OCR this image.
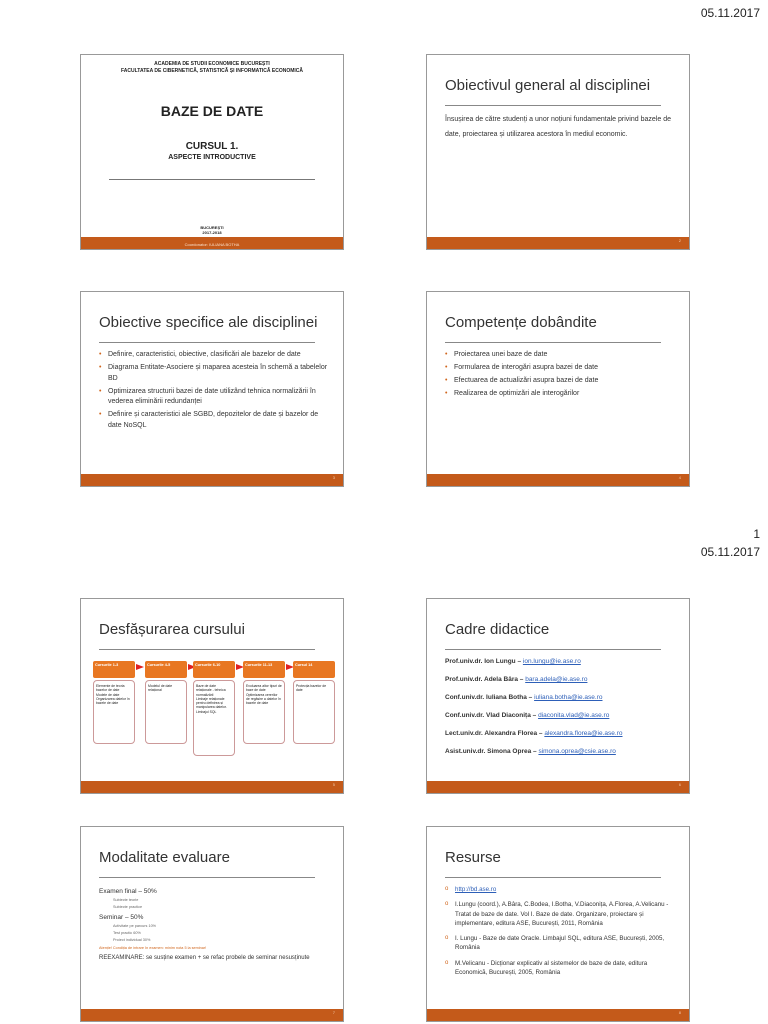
05.11.2017
ACADEMIA DE STUDII ECONOMICE BUCUREȘTI
FACULTATEA DE CIBERNETICĂ, STATISTICĂ ȘI INFORMATICĂ ECONOMICĂ
BAZE DE DATE
CURSUL 1.
ASPECTE INTRODUCTIVE
BUCUREȘTI
2017-2018
Coordonator: IULIANA BOTHA
Obiectivul general al disciplinei
Însușirea de către studenți a unor noțiuni fundamentale privind bazele de date, proiectarea și utilizarea acestora în mediul economic.
2
Obiective specifice ale disciplinei
• Definire, caracteristici, obiective, clasificări ale bazelor de date
• Diagrama Entitate-Asociere și maparea acesteia în schemă a tabelelor BD
• Optimizarea structurii bazei de date utilizând tehnica normalizării în vederea eliminării redundanței
• Definire și caracteristici ale SGBD, depozitelor de date și bazelor de date NoSQL
3
Competențe dobândite
• Proiectarea unei baze de date
• Formularea de interogări asupra bazei de date
• Efectuarea de actualizări asupra bazei de date
• Realizarea de optimizări ale interogărilor
4
1
05.11.2017
Desfășurarea cursului
Cursurile 1-3
Elemente de teoria bazelor de date
Modele de date
Organizarea datelor în bazele de date
Cursurile 4-5
Modelul de date relațional
Cursurile 6-10
Baze de date relaționale - tehnica normalizării
Limbaje relaționale pentru definirea și manipularea datelor. Limbajul SQL
Cursurile 11-13
Evoluarea altor tipuri de baze de date
Optimizarea cererilor de regăsire a datelor în bazele de date
Cursul 14
Protecția bazelor de date
5
Cadre didactice
Prof.univ.dr. Ion Lungu – ion.lungu@ie.ase.ro
Prof.univ.dr. Adela Bâra – bara.adela@ie.ase.ro
Conf.univ.dr. Iuliana Botha – iuliana.botha@ie.ase.ro
Conf.univ.dr. Vlad Diaconița – diaconita.vlad@ie.ase.ro
Lect.univ.dr. Alexandra Florea – alexandra.florea@ie.ase.ro
Asist.univ.dr. Simona Oprea – simona.oprea@csie.ase.ro
6
Modalitate evaluare
Examen final – 50%
Subiecte teorie
Subiecte practice
Seminar – 50%
Activitate pe parcurs 10%
Test practic 60%
Proiect individual 30%
Atenție! Condiția de intrare în examen: minim nota 5 la seminar!
REEXAMINARE: se susține examen + se refac probele de seminar nesusținute
7
Resurse
o http://bd.ase.ro
o I.Lungu (coord.), A.Bâra, C.Bodea, I.Botha, V.Diaconița, A.Florea, A.Velicanu - Tratat de baze de date. Vol I. Baze de date. Organizare, proiectare și implementare, editura ASE, București, 2011, România
o I. Lungu - Baze de date Oracle. Limbajul SQL, editura ASE, București, 2005, România
o M.Velicanu - Dicționar explicativ al sistemelor de baze de date, editura Economică, București, 2005, România
8
